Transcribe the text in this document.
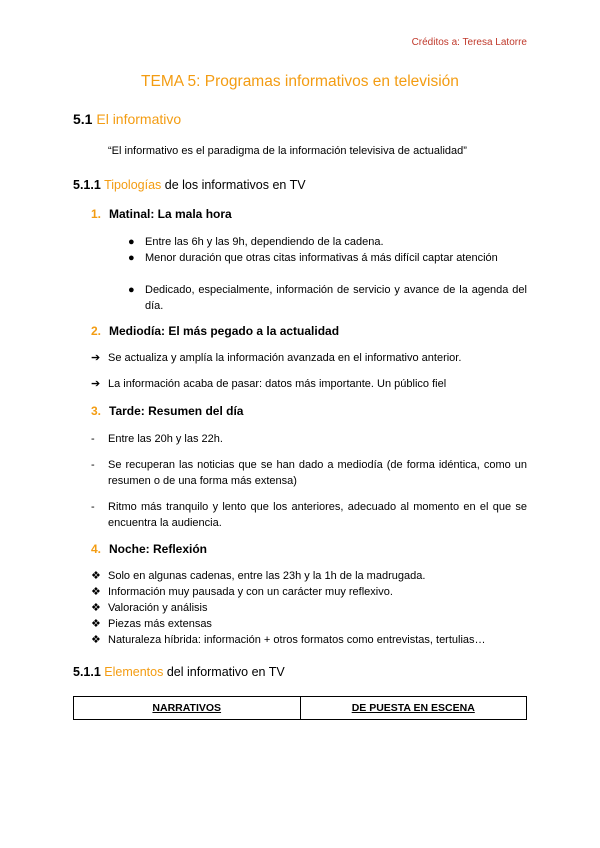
Créditos a: Teresa Latorre
TEMA 5: Programas informativos en televisión
5.1 El informativo
“El informativo es el paradigma de la información televisiva de actualidad”
5.1.1 Tipologías de los informativos en TV
1. Matinal: La mala hora
● Entre las 6h y las 9h, dependiendo de la cadena.
● Menor duración que otras citas informativas á más difícil captar atención
● Dedicado, especialmente, información de servicio y avance de la agenda del día.
2. Mediodía: El más pegado a la actualidad
➔ Se actualiza y amplía la información avanzada en el informativo anterior.
➔ La información acaba de pasar: datos más importante. Un público fiel
3. Tarde: Resumen del día
-	Entre las 20h y las 22h.
-	Se recuperan las noticias que se han dado a mediodía (de forma idéntica, como un resumen o de una forma más extensa)
-	Ritmo más tranquilo y lento que los anteriores, adecuado al momento en el que se encuentra la audiencia.
4. Noche: Reflexión
❖ Solo en algunas cadenas, entre las 23h y la 1h de la madrugada.
❖ Información muy pausada y con un carácter muy reflexivo.
❖ Valoración y análisis
❖ Piezas más extensas
❖ Naturaleza híbrida: información + otros formatos como entrevistas, tertulias…
5.1.1 Elementos del informativo en TV
NARRATIVOS	DE PUESTA EN ESCENA
